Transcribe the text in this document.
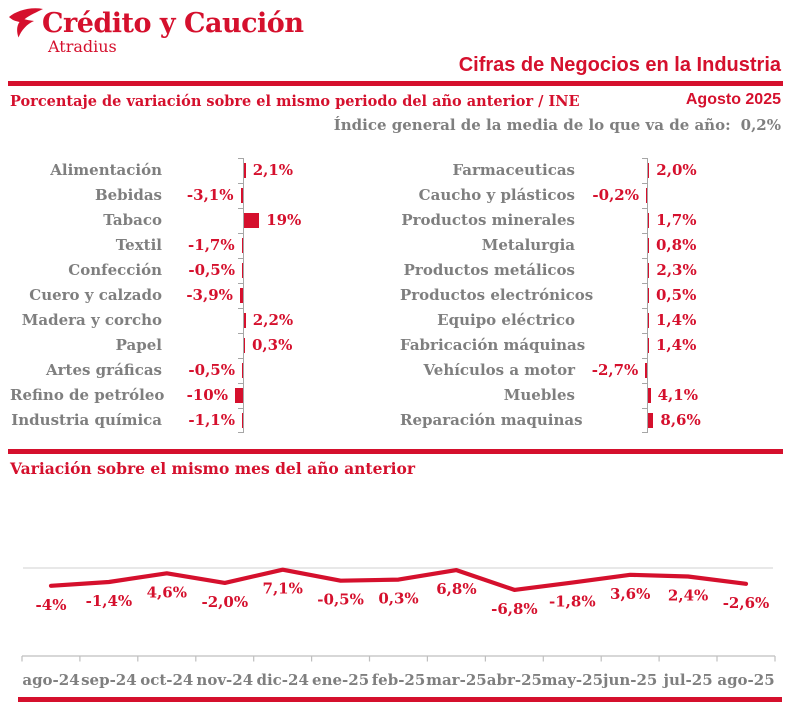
Crédito y Caución
Atradius
Cifras de Negocios en la Industria
Porcentaje de variación sobre el mismo periodo del año anterior / INE	Agosto 2025
Índice general de la media de lo que va de año: 0,2%
Alimentación	2,1%
Bebidas -3,1%
Tabaco	19%
Textil -1,7%
Confección -0,5%
Cuero y calzado -3,9%
Madera y corcho	2,2%
Papel	0,3%
Artes gráficas -0,5%
Refino de petróleo -10%
Industria química -1,1%
Farmaceuticas	2,0%
Caucho y plásticos -0,2%
Productos minerales	1,7%
Metalurgia	0,8%
Productos metálicos	2,3%
Productos electrónicos	0,5%
Equipo eléctrico	1,4%
Fabricación máquinas	1,4%
Vehículos a motor -2,7%
Muebles	4,1%
Reparación maquinas	8,6%
Variación sobre el mismo mes del año anterior
-4% -1,4% 4,6%
-2,0%
7,1%
-0,5% 0,3%
6,8%
-6,8% -1,8% 3,6% 2,4% -2,6%
ago-24 sep-24 oct-24 nov-24 dic-24 ene-25 feb-25 mar-25 abr-25 may-25 jun-25 jul-25 ago-25
